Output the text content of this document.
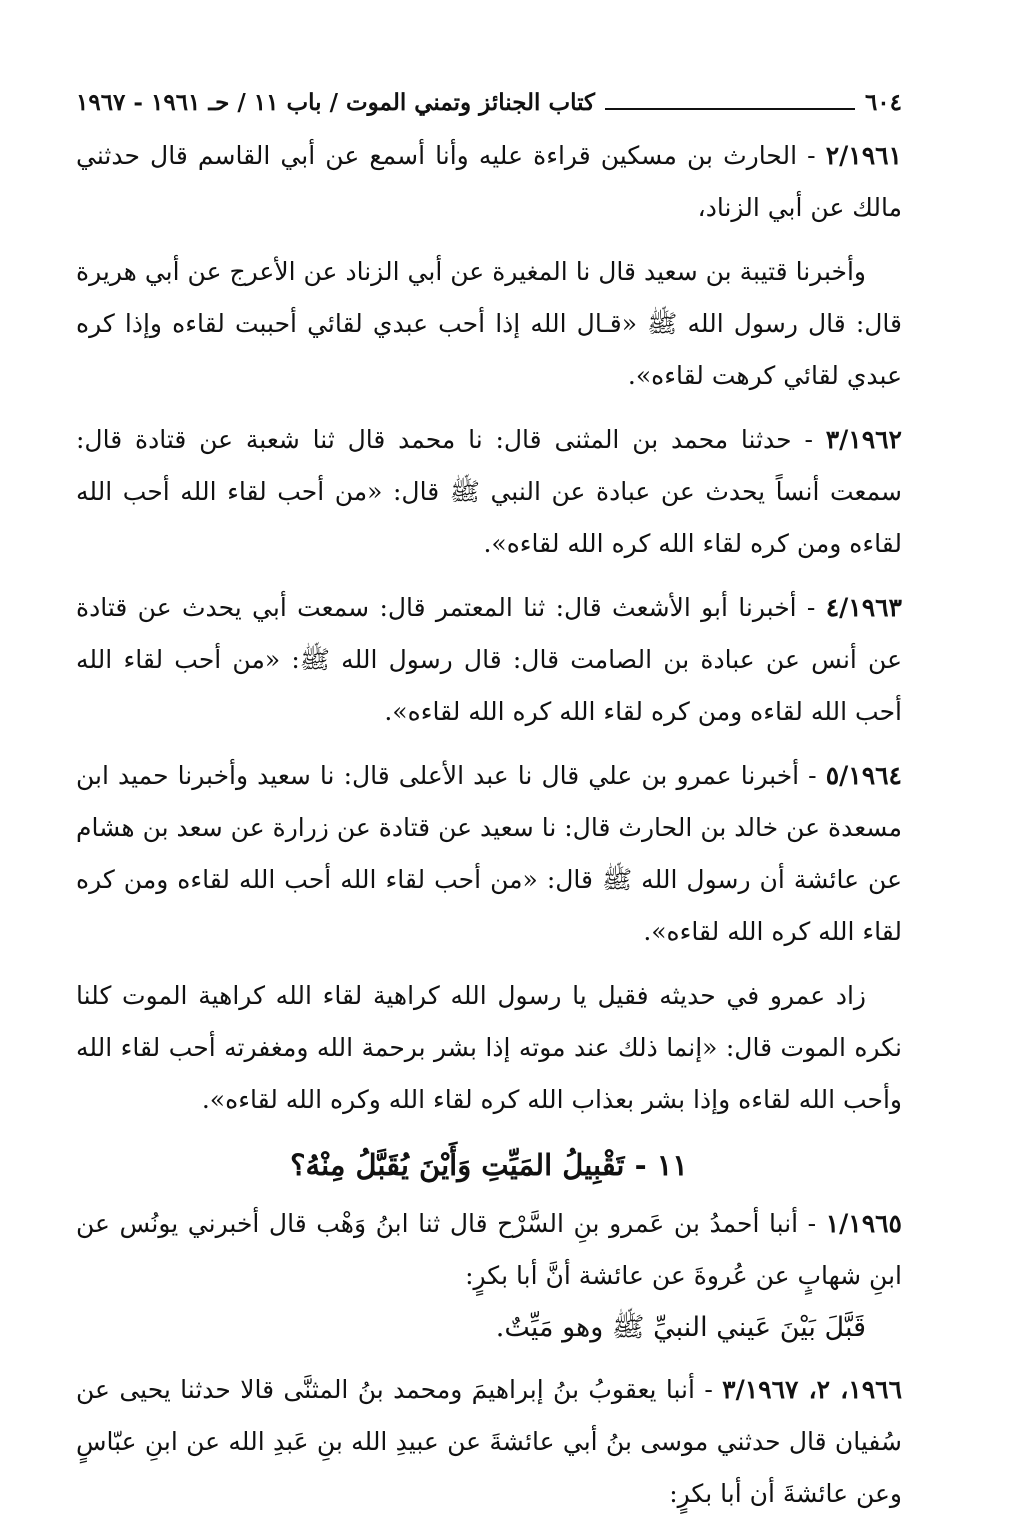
٦٠٤
كتاب الجنائز وتمني الموت / باب ١١ / حـ ١٩٦١ - ١٩٦٧

٢/١٩٦١ - الحارث بن مسكين قراءة عليه وأنا أسمع عن أبي القاسم قال حدثني مالك عن أبي الزناد،

وأخبرنا قتيبة بن سعيد قال نا المغيرة عن أبي الزناد عن الأعرج عن أبي هريرة قال: قال رسول الله ﷺ «قـال الله إذا أحب عبدي لقائي أحببت لقاءه وإذا كره عبدي لقائي كرهت لقاءه».

٣/١٩٦٢ - حدثنا محمد بن المثنى قال: نا محمد قال ثنا شعبة عن قتادة قال: سمعت أنساً يحدث عن عبادة عن النبي ﷺ قال: «من أحب لقاء الله أحب الله لقاءه ومن كره لقاء الله كره الله لقاءه».

٤/١٩٦٣ - أخبرنا أبو الأشعث قال: ثنا المعتمر قال: سمعت أبي يحدث عن قتادة عن أنس عن عبادة بن الصامت قال: قال رسول الله ﷺ: «من أحب لقاء الله أحب الله لقاءه ومن كره لقاء الله كره الله لقاءه».

٥/١٩٦٤ - أخبرنا عمرو بن علي قال نا عبد الأعلى قال: نا سعيد وأخبرنا حميد ابن مسعدة عن خالد بن الحارث قال: نا سعيد عن قتادة عن زرارة عن سعد بن هشام عن عائشة أن رسول الله ﷺ قال: «من أحب لقاء الله أحب الله لقاءه ومن كره لقاء الله كره الله لقاءه».

زاد عمرو في حديثه فقيل يا رسول الله كراهية لقاء الله كراهية الموت كلنا نكره الموت قال: «إنما ذلك عند موته إذا بشر برحمة الله ومغفرته أحب لقاء الله وأحب الله لقاءه وإذا بشر بعذاب الله كره لقاء الله وكره الله لقاءه».

١١ - تَقْبِيلُ المَيِّتِ وَأَيْنَ يُقَبَّلُ مِنْهُ؟

١/١٩٦٥ - أنبا أحمدُ بن عَمرو بنِ السَّرْح قال ثنا ابنُ وَهْب قال أخبرني يونُس عن ابنِ شهابٍ عن عُروةَ عن عائشة أنَّ أبا بكرٍ:

قَبَّلَ بَيْنَ عَيني النبيِّ ﷺ وهو مَيِّتٌ.

١٩٦٦، ٢، ٣/١٩٦٧ - أنبا يعقوبُ بنُ إبراهيمَ ومحمد بنُ المثنَّى قالا حدثنا يحيى عن سُفيان قال حدثني موسى بنُ أبي عائشةَ عن عبيدِ الله بنِ عَبدِ الله عن ابنِ عبّاسٍ وعن عائشةَ أن أبا بكرٍ:
